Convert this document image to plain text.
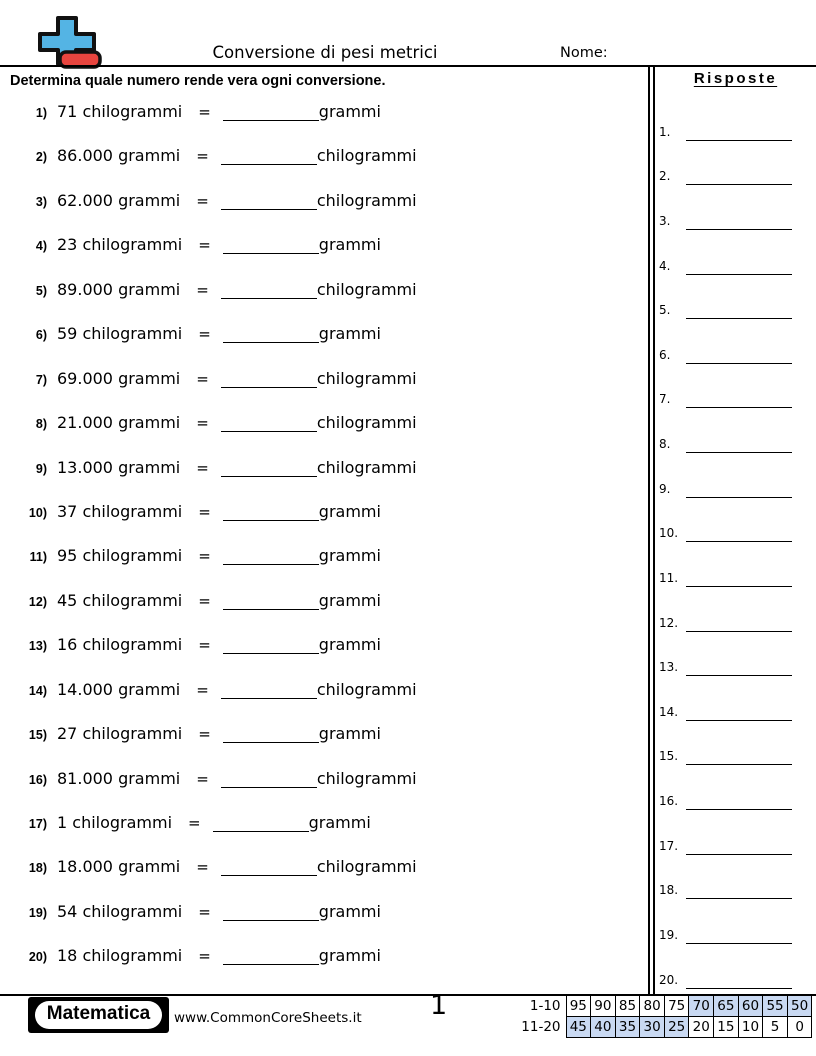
Conversione di pesi metrici	Nome:
Determina quale numero rende vera ogni conversione.
1) 71 chilogrammi =	grammi
2) 86.000 grammi =	chilogrammi
3) 62.000 grammi =	chilogrammi
4) 23 chilogrammi =	grammi
5) 89.000 grammi =	chilogrammi
6) 59 chilogrammi =	grammi
7) 69.000 grammi =	chilogrammi
8) 21.000 grammi =	chilogrammi
9) 13.000 grammi =	chilogrammi
10) 37 chilogrammi =	grammi
11) 95 chilogrammi =	grammi
12) 45 chilogrammi =	grammi
13) 16 chilogrammi =	grammi
14) 14.000 grammi =	chilogrammi
15) 27 chilogrammi =	grammi
16) 81.000 grammi =	chilogrammi
17) 1 chilogrammi =	grammi
18) 18.000 grammi =	chilogrammi
19) 54 chilogrammi =	grammi
20) 18 chilogrammi =	grammi
Risposte
1.
2.
3.
4.
5.
6.
7.
8.
9.
10.
11.
12.
13.
14.
15.
16.
17.
18.
19.
20.
Matematica	www.CommonCoreSheets.it	1	1-10	95	90	85	80	75	70	65	60	55	50
11-20	45	40	35	30	25	20	15	10	5	0
